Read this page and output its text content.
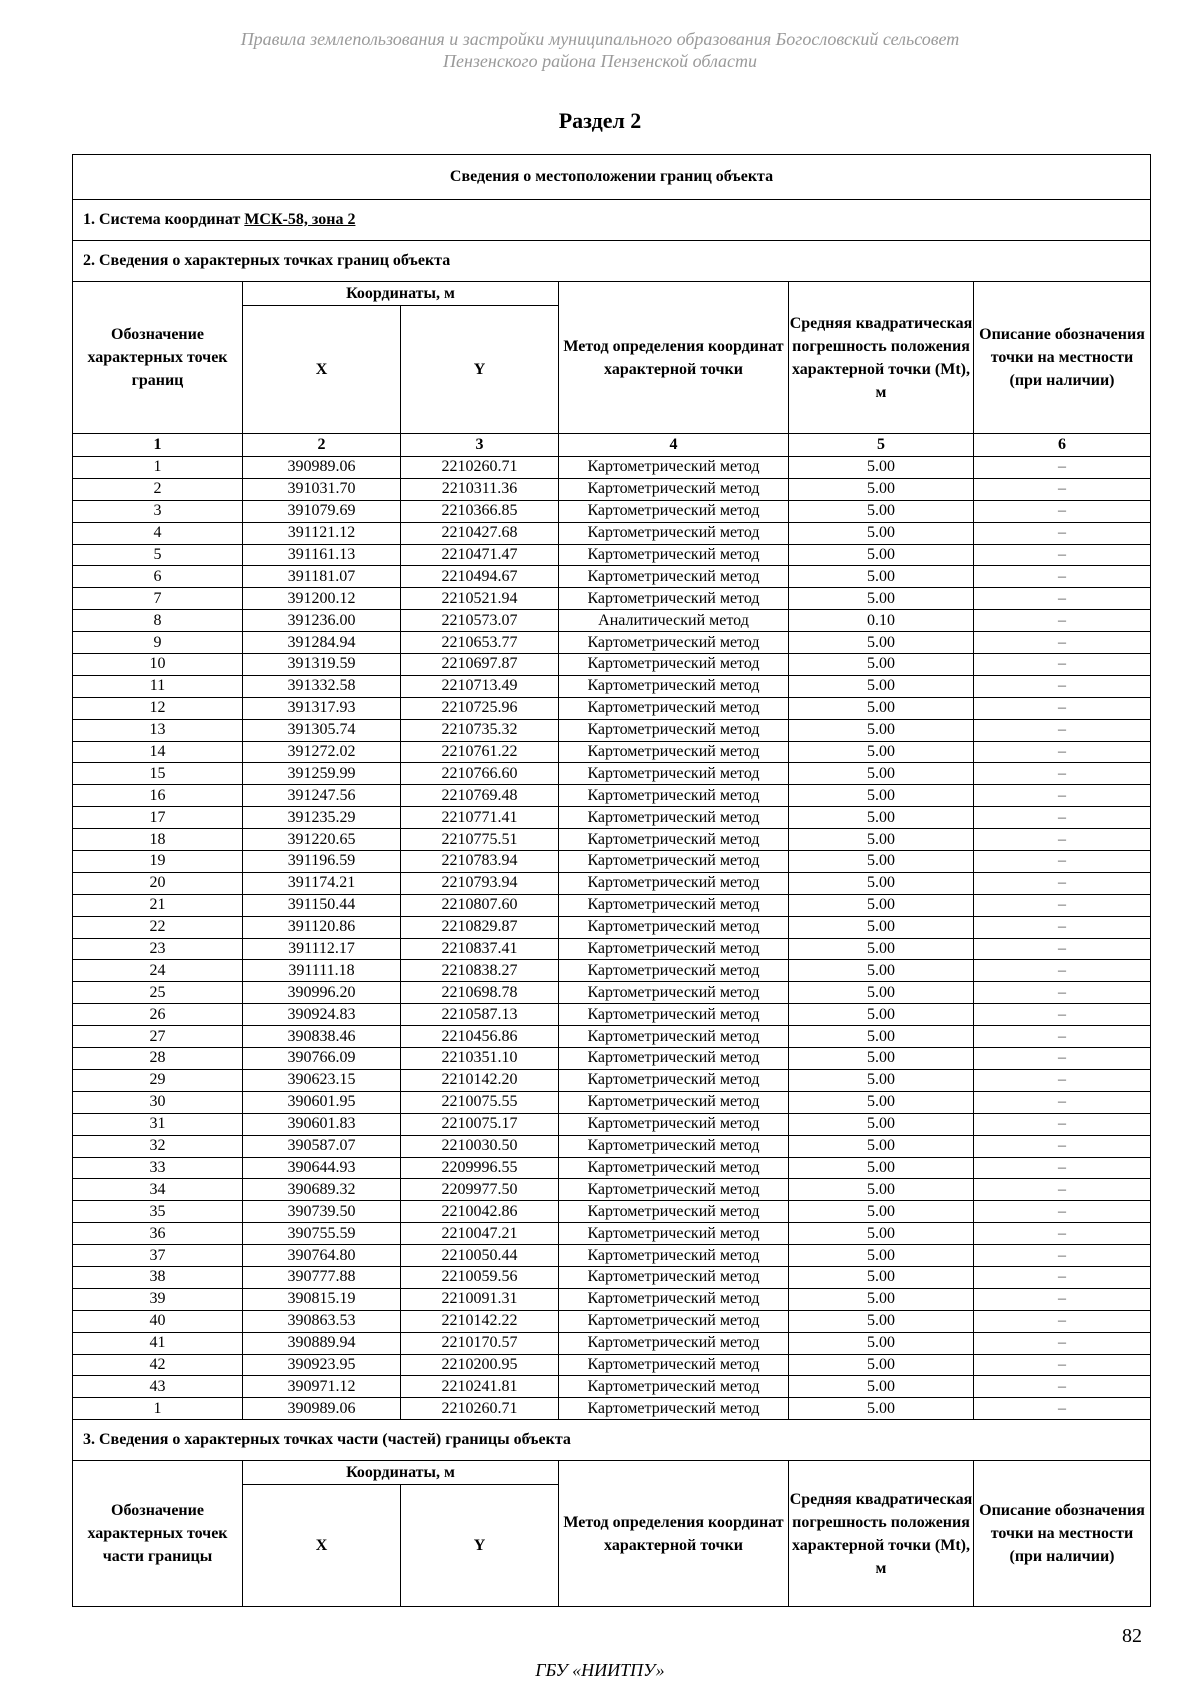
Правила землепользования и застройки муниципального образования Богословский сельсовет
Пензенского района Пензенской области
Раздел 2
Сведения о местоположении границ объекта					
1. Система координат МСК-58, зона 2					
2. Сведения о характерных точках границ объекта					
Обозначение характерных точек границ	Координаты, м		Метод определения координат характерной точки	Средняя квадратическая погрешность положения характерной точки (Mt), м	Описание обозначения точки на местности (при наличии)
	X	Y			
1	2	3	4	5	6
1	390989.06	2210260.71	Картометрический метод	5.00	–
2	391031.70	2210311.36	Картометрический метод	5.00	–
3	391079.69	2210366.85	Картометрический метод	5.00	–
4	391121.12	2210427.68	Картометрический метод	5.00	–
5	391161.13	2210471.47	Картометрический метод	5.00	–
6	391181.07	2210494.67	Картометрический метод	5.00	–
7	391200.12	2210521.94	Картометрический метод	5.00	–
8	391236.00	2210573.07	Аналитический метод	0.10	–
9	391284.94	2210653.77	Картометрический метод	5.00	–
10	391319.59	2210697.87	Картометрический метод	5.00	–
11	391332.58	2210713.49	Картометрический метод	5.00	–
12	391317.93	2210725.96	Картометрический метод	5.00	–
13	391305.74	2210735.32	Картометрический метод	5.00	–
14	391272.02	2210761.22	Картометрический метод	5.00	–
15	391259.99	2210766.60	Картометрический метод	5.00	–
16	391247.56	2210769.48	Картометрический метод	5.00	–
17	391235.29	2210771.41	Картометрический метод	5.00	–
18	391220.65	2210775.51	Картометрический метод	5.00	–
19	391196.59	2210783.94	Картометрический метод	5.00	–
20	391174.21	2210793.94	Картометрический метод	5.00	–
21	391150.44	2210807.60	Картометрический метод	5.00	–
22	391120.86	2210829.87	Картометрический метод	5.00	–
23	391112.17	2210837.41	Картометрический метод	5.00	–
24	391111.18	2210838.27	Картометрический метод	5.00	–
25	390996.20	2210698.78	Картометрический метод	5.00	–
26	390924.83	2210587.13	Картометрический метод	5.00	–
27	390838.46	2210456.86	Картометрический метод	5.00	–
28	390766.09	2210351.10	Картометрический метод	5.00	–
29	390623.15	2210142.20	Картометрический метод	5.00	–
30	390601.95	2210075.55	Картометрический метод	5.00	–
31	390601.83	2210075.17	Картометрический метод	5.00	–
32	390587.07	2210030.50	Картометрический метод	5.00	–
33	390644.93	2209996.55	Картометрический метод	5.00	–
34	390689.32	2209977.50	Картометрический метод	5.00	–
35	390739.50	2210042.86	Картометрический метод	5.00	–
36	390755.59	2210047.21	Картометрический метод	5.00	–
37	390764.80	2210050.44	Картометрический метод	5.00	–
38	390777.88	2210059.56	Картометрический метод	5.00	–
39	390815.19	2210091.31	Картометрический метод	5.00	–
40	390863.53	2210142.22	Картометрический метод	5.00	–
41	390889.94	2210170.57	Картометрический метод	5.00	–
42	390923.95	2210200.95	Картометрический метод	5.00	–
43	390971.12	2210241.81	Картометрический метод	5.00	–
1	390989.06	2210260.71	Картометрический метод	5.00	–
3. Сведения о характерных точках части (частей) границы объекта					
Обозначение характерных точек части границы	Координаты, м		Метод определения координат характерной точки	Средняя квадратическая погрешность положения характерной точки (Mt), м	Описание обозначения точки на местности (при наличии)
	X	Y			
82
ГБУ «НИИТПУ»
